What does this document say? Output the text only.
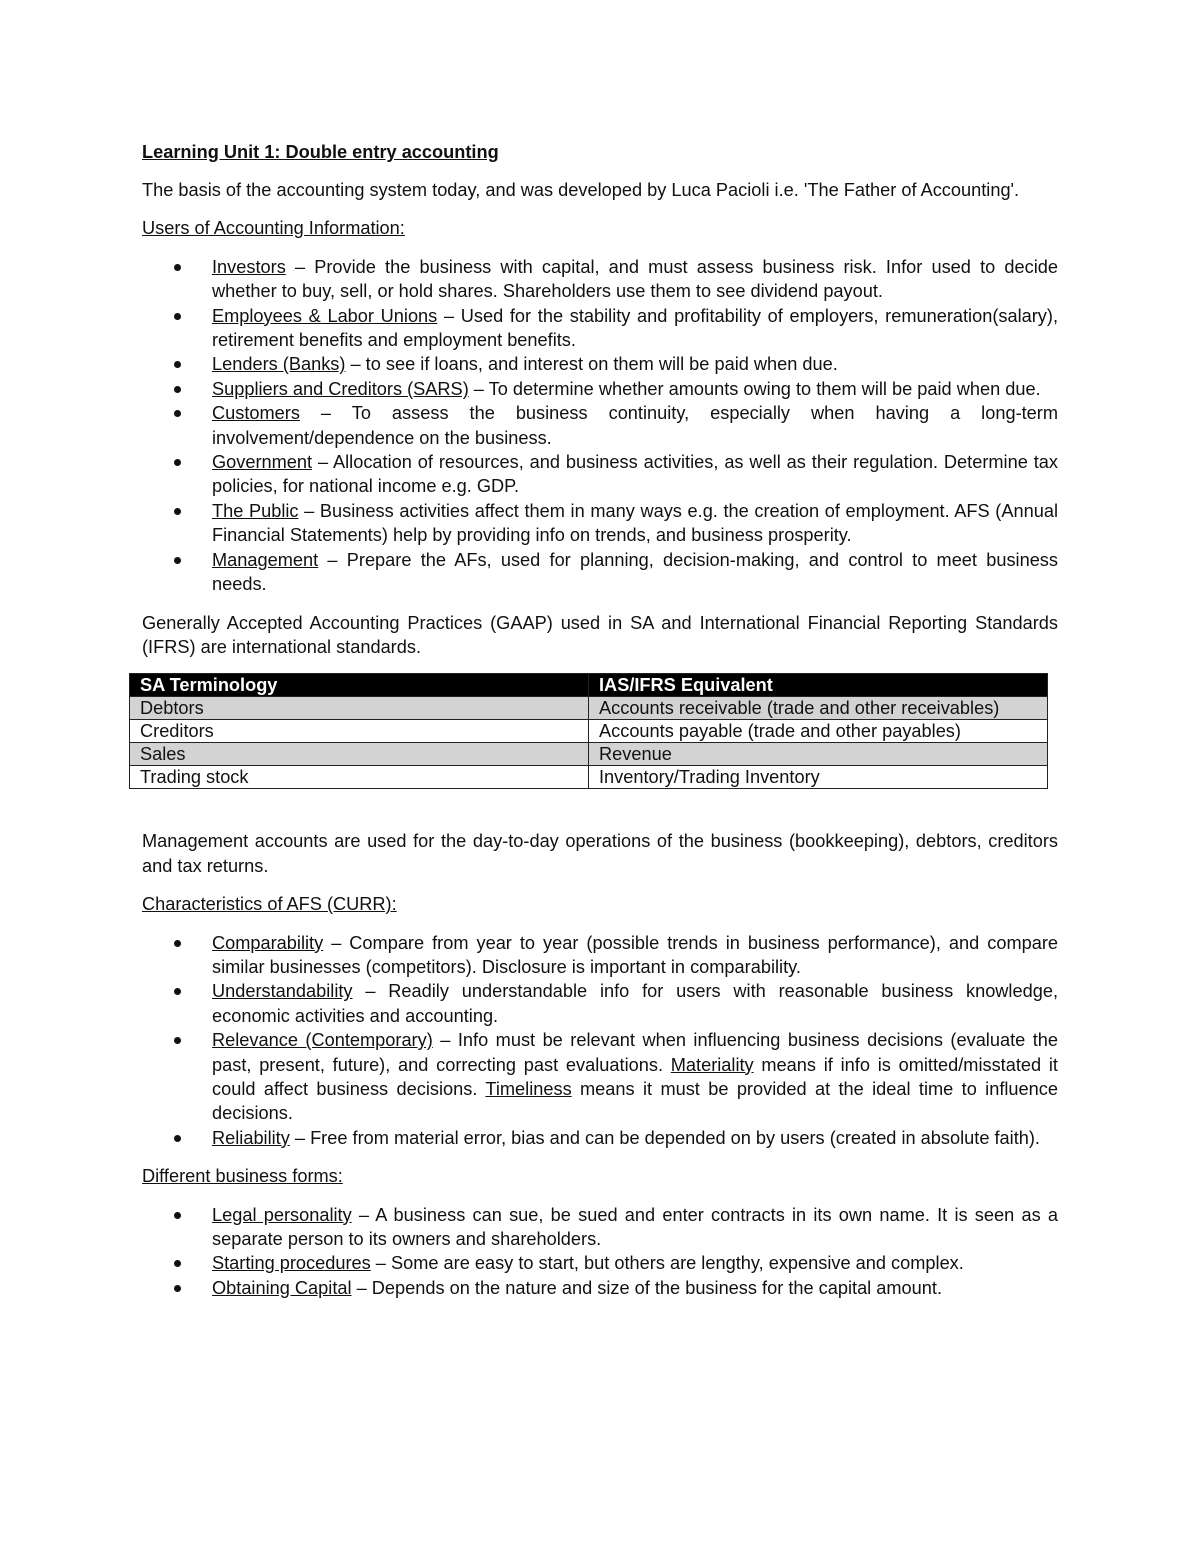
Learning Unit 1: Double entry accounting

The basis of the accounting system today, and was developed by Luca Pacioli i.e. 'The Father of Accounting'.

Users of Accounting Information:

Investors – Provide the business with capital, and must assess business risk. Infor used to decide whether to buy, sell, or hold shares. Shareholders use them to see dividend payout.
Employees & Labor Unions – Used for the stability and profitability of employers, remuneration(salary), retirement benefits and employment benefits.
Lenders (Banks) – to see if loans, and interest on them will be paid when due.
Suppliers and Creditors (SARS) – To determine whether amounts owing to them will be paid when due.
Customers – To assess the business continuity, especially when having a long-term involvement/dependence on the business.
Government – Allocation of resources, and business activities, as well as their regulation. Determine tax policies, for national income e.g. GDP.
The Public – Business activities affect them in many ways e.g. the creation of employment. AFS (Annual Financial Statements) help by providing info on trends, and business prosperity.
Management – Prepare the AFs, used for planning, decision-making, and control to meet business needs.

Generally Accepted Accounting Practices (GAAP) used in SA and International Financial Reporting Standards (IFRS) are international standards.

SA Terminology	IAS/IFRS Equivalent
Debtors	Accounts receivable (trade and other receivables)
Creditors	Accounts payable (trade and other payables)
Sales	Revenue
Trading stock	Inventory/Trading Inventory

Management accounts are used for the day-to-day operations of the business (bookkeeping), debtors, creditors and tax returns.

Characteristics of AFS (CURR):

Comparability – Compare from year to year (possible trends in business performance), and compare similar businesses (competitors). Disclosure is important in comparability.
Understandability – Readily understandable info for users with reasonable business knowledge, economic activities and accounting.
Relevance (Contemporary) – Info must be relevant when influencing business decisions (evaluate the past, present, future), and correcting past evaluations. Materiality means if info is omitted/misstated it could affect business decisions. Timeliness means it must be provided at the ideal time to influence decisions.
Reliability – Free from material error, bias and can be depended on by users (created in absolute faith).

Different business forms:

Legal personality – A business can sue, be sued and enter contracts in its own name. It is seen as a separate person to its owners and shareholders.
Starting procedures – Some are easy to start, but others are lengthy, expensive and complex.
Obtaining Capital – Depends on the nature and size of the business for the capital amount.
